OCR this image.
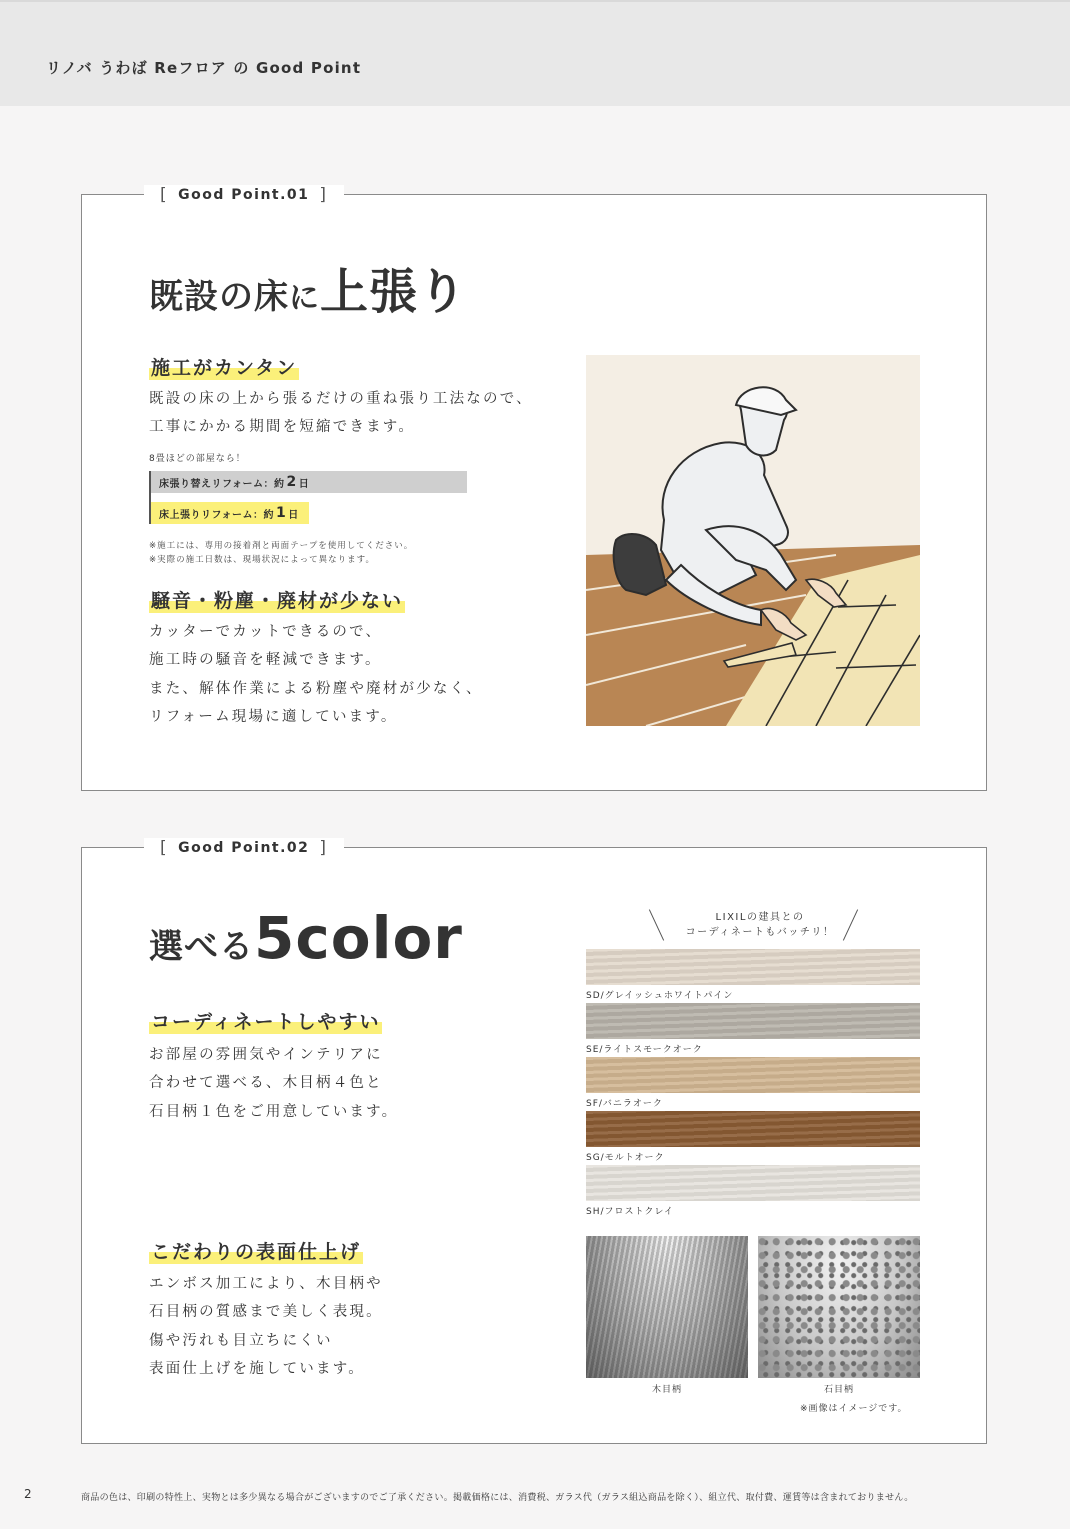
リノバ うわば Reフロア の Good Point
[ Good Point.01 ]
既設の床に上張り
施工がカンタン
既設の床の上から張るだけの重ね張り工法なので、
工事にかかる期間を短縮できます。
8畳ほどの部屋なら！
床張り替えリフォーム：約 2 日
床上張りリフォーム：約 1 日
※施工には、専用の接着剤と両面テープを使用してください。
※実際の施工日数は、現場状況によって異なります。
騒音・粉塵・廃材が少ない
カッターでカットできるので、
施工時の騒音を軽減できます。
また、解体作業による粉塵や廃材が少なく、
リフォーム現場に適しています。
[ Good Point.02 ]
選べる5color
コーディネートしやすい
お部屋の雰囲気やインテリアに
合わせて選べる、木目柄４色と
石目柄１色をご用意しています。
こだわりの表面仕上げ
エンボス加工により、木目柄や
石目柄の質感まで美しく表現。
傷や汚れも目立ちにくい
表面仕上げを施しています。
LIXILの建具との
コーディネートもバッチリ！
SD/グレイッシュホワイトパイン
SE/ライトスモークオーク
SF/バニラオーク
SG/モルトオーク
SH/フロストクレイ
木目柄	石目柄
※画像はイメージです。
2	商品の色は、印刷の特性上、実物とは多少異なる場合がございますのでご了承ください。掲載価格には、消費税、ガラス代（ガラス組込商品を除く）、組立代、取付費、運賃等は含まれておりません。
